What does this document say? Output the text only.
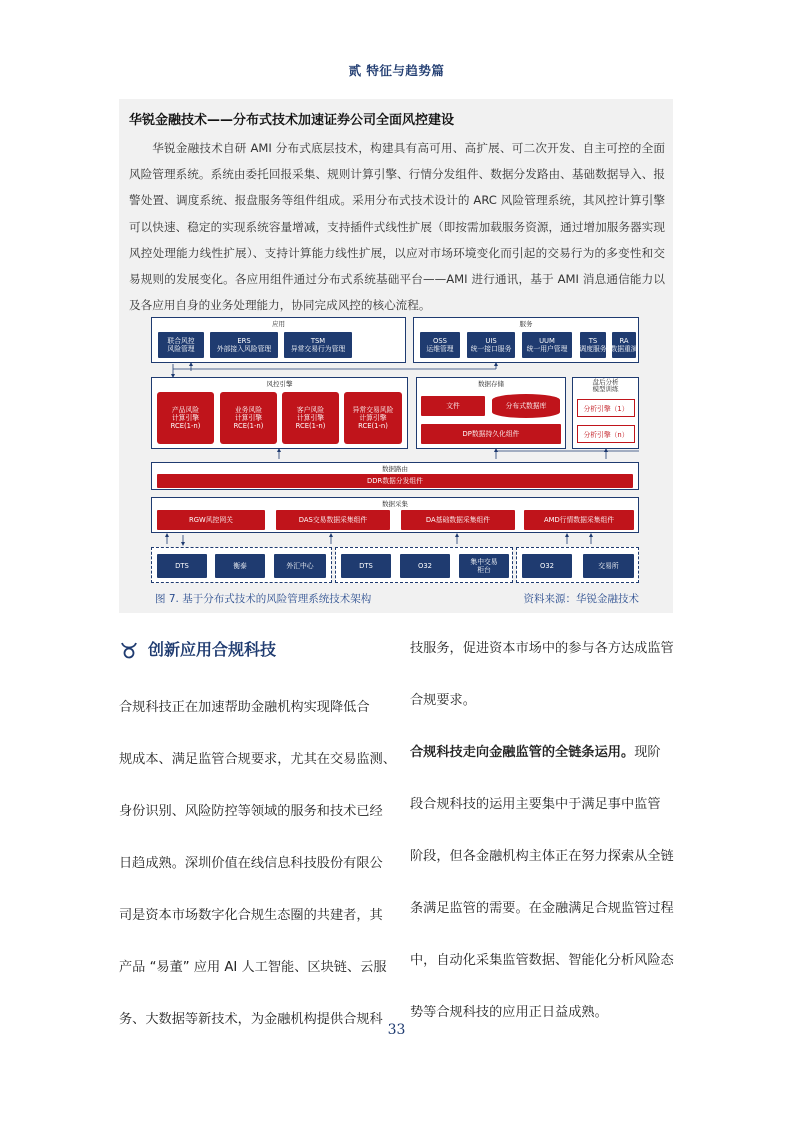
贰 特征与趋势篇
华锐金融技术——分布式技术加速证券公司全面风控建设
华锐金融技术自研 AMI 分布式底层技术，构建具有高可用、高扩展、可二次开发、自主可控的全面风险管理系统。系统由委托回报采集、规则计算引擎、行情分发组件、数据分发路由、基础数据导入、报警处置、调度系统、报盘服务等组件组成。采用分布式技术设计的 ARC 风险管理系统，其风控计算引擎可以快速、稳定的实现系统容量增减，支持插件式线性扩展（即按需加载服务资源，通过增加服务器实现风控处理能力线性扩展）、支持计算能力线性扩展，以应对市场环境变化而引起的交易行为的多变性和交易规则的发展变化。各应用组件通过分布式系统基础平台——AMI 进行通讯，基于 AMI 消息通信能力以及各应用自身的业务处理能力，协同完成风控的核心流程。
应用
联合风控
风险管理
ERS
外部接入风险管理
TSM
异常交易行为管理
服务
OSS
运维管理
UIS
统一接口服务
UUM
统一用户管理
TS
调度服务
RA
数据重演
风控引擎
产品风险
计算引擎
RCE(1-n)
业务风险
计算引擎
RCE(1-n)
客户风险
计算引擎
RCE(1-n)
异常交易风险
计算引擎
RCE(1-n)
数据存储
文件	分布式数据库
DP数据持久化组件
盘后分析
模型训练
分析引擎（1）
分析引擎（n）
数据路由
DDR数据分发组件
数据采集
RGW风控网关	DAS交易数据采集组件	DA基础数据采集组件	AMD行情数据采集组件
DTS	衡泰	外汇中心	DTS	O32
集中交易
柜台
O32	交易所
图 7. 基于分布式技术的风险管理系统技术架构	资料来源：华锐金融技术
创新应用合规科技

合规科技正在加速帮助金融机构实现降低合

规成本、满足监管合规要求，尤其在交易监测、

身份识别、风险防控等领域的服务和技术已经

日趋成熟。深圳价值在线信息科技股份有限公

司是资本市场数字化合规生态圈的共建者，其

产品 “易董” 应用 AI 人工智能、区块链、云服

务、大数据等新技术，为金融机构提供合规科

技服务，促进资本市场中的参与各方达成监管

合规要求。

合规科技走向金融监管的全链条运用。现阶

段合规科技的运用主要集中于满足事中监管

阶段，但各金融机构主体正在努力探索从全链

条满足监管的需要。在金融满足合规监管过程

中，自动化采集监管数据、智能化分析风险态

势等合规科技的应用正日益成熟。

33
